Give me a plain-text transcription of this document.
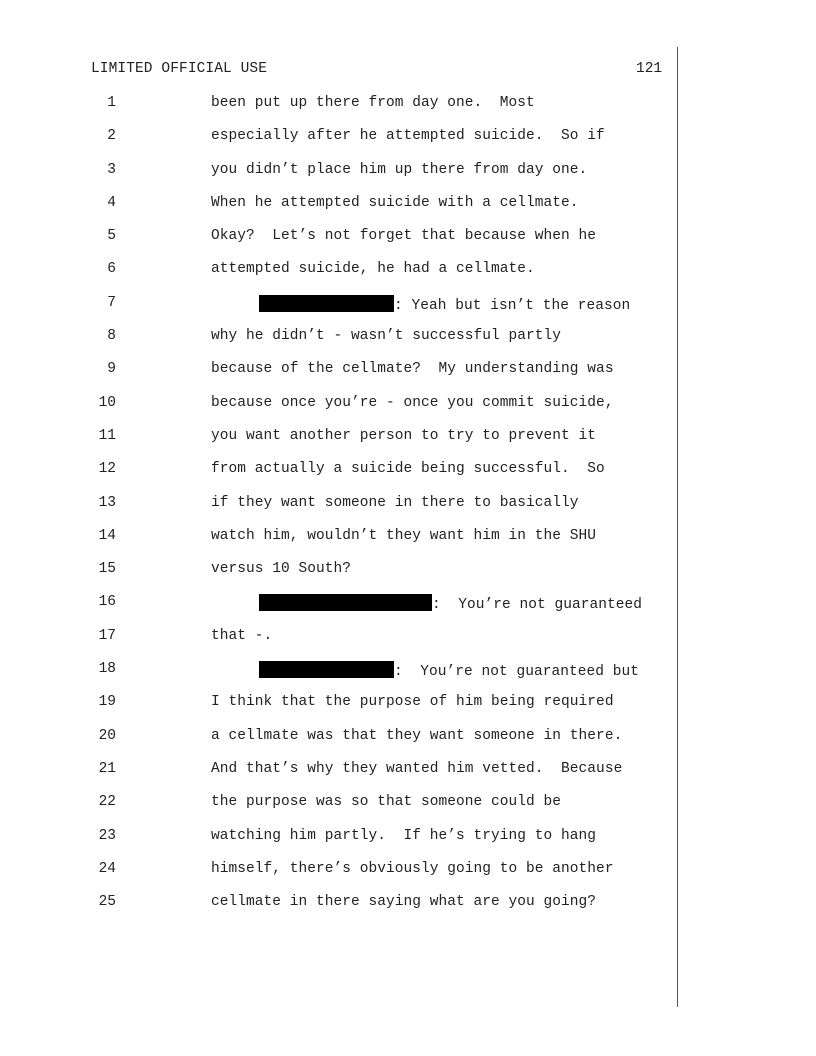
LIMITED OFFICIAL USE	121
1	been put up there from day one.  Most
2	especially after he attempted suicide.  So if
3	you didn’t place him up there from day one.
4	When he attempted suicide with a cellmate.
5	Okay?  Let’s not forget that because when he
6	attempted suicide, he had a cellmate.
7	: Yeah but isn’t the reason
8	why he didn’t - wasn’t successful partly
9	because of the cellmate?  My understanding was
10	because once you’re - once you commit suicide,
11	you want another person to try to prevent it
12	from actually a suicide being successful.  So
13	if they want someone in there to basically
14	watch him, wouldn’t they want him in the SHU
15	versus 10 South?
16	:  You’re not guaranteed
17	that -.
18	:  You’re not guaranteed but
19	I think that the purpose of him being required
20	a cellmate was that they want someone in there.
21	And that’s why they wanted him vetted.  Because
22	the purpose was so that someone could be
23	watching him partly.  If he’s trying to hang
24	himself, there’s obviously going to be another
25	cellmate in there saying what are you going?
